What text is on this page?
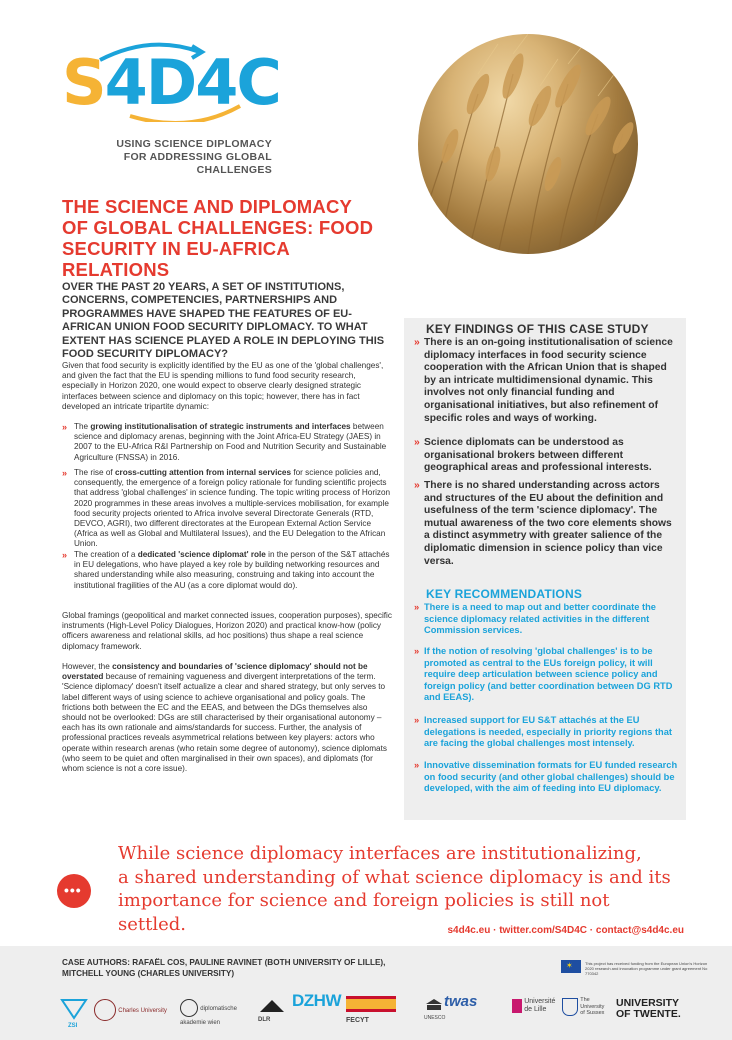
S4D4C
USING SCIENCE DIPLOMACY
FOR ADDRESSING GLOBAL CHALLENGES
THE SCIENCE AND DIPLOMACY
OF GLOBAL CHALLENGES: FOOD
SECURITY IN EU-AFRICA RELATIONS
OVER THE PAST 20 YEARS, A SET OF INSTITUTIONS, CONCERNS, COMPETENCIES, PARTNERSHIPS AND PROGRAMMES HAVE SHAPED THE FEATURES OF EU-AFRICAN UNION FOOD SECURITY DIPLOMACY. TO WHAT EXTENT HAS SCIENCE PLAYED A ROLE IN DEPLOYING THIS FOOD SECURITY DIPLOMACY?
Given that food security is explicitly identified by the EU as one of the 'global challenges', and given the fact that the EU is spending millions to fund food security research, especially in Horizon 2020, one would expect to observe clearly designed strategic interfaces between science and diplomacy on this topic; however, there has in fact developed an intricate tripartite dynamic:
» The growing institutionalisation of strategic instruments and interfaces between science and diplomacy arenas, beginning with the Joint Africa-EU Strategy (JAES) in 2007 to the EU-Africa R&I Partnership on Food and Nutrition Security and Sustainable Agriculture (FNSSA) in 2016.
» The rise of cross-cutting attention from internal services for science policies and, consequently, the emergence of a foreign policy rationale for funding scientific projects that address 'global challenges' in science funding. The topic writing process of Horizon 2020 programmes in these areas involves a multiple-services mobilisation, for example food security projects oriented to Africa involve several Directorate Generals (RTD, DEVCO, AGRI), two different directorates at the European External Action Service (Africa as well as Global and Multilateral Issues), and the EU Delegation to the African Union.
» The creation of a dedicated 'science diplomat' role in the person of the S&T attachés in EU delegations, who have played a key role by building networking resources and shared understanding while also measuring, construing and taking into account the institutional fragilities of the AU (as a core diplomat would do).
Global framings (geopolitical and market connected issues, cooperation purposes), specific instruments (High-Level Policy Dialogues, Horizon 2020) and practical know-how (policy officers awareness and relational skills, ad hoc positions) thus shape a real science diplomacy framework.
However, the consistency and boundaries of 'science diplomacy' should not be overstated because of remaining vagueness and divergent interpretations of the term. 'Science diplomacy' doesn't itself actualize a clear and shared strategy, but only serves to label different ways of using science to achieve organisational and policy goals. The frictions both between the EC and the EEAS, and between the DGs themselves also should not be overlooked: DGs are still characterised by their organisational autonomy – each has its own rationale and aims/standards for success. Further, the analysis of professional practices reveals asymmetrical relations between key players: actors who operate within research arenas (who retain some degree of autonomy), science diplomats (who seem to be quiet and often marginalised in their own spaces), and diplomats (for whom science is not a core issue).
KEY FINDINGS OF THIS CASE STUDY
» There is an on-going institutionalisation of science diplomacy interfaces in food security science cooperation with the African Union that is shaped by an intricate multidimensional dynamic. This involves not only financial funding and organisational initiatives, but also refinement of specific roles and ways of working.
» Science diplomats can be understood as organisational brokers between different geographical areas and professional interests.
» There is no shared understanding across actors and structures of the EU about the definition and usefulness of the term 'science diplomacy'. The mutual awareness of the two core elements shows a distinct asymmetry with greater salience of the diplomatic dimension in science policy than vice versa.
KEY RECOMMENDATIONS
» There is a need to map out and better coordinate the science diplomacy related activities in the different Commission services.
» If the notion of resolving 'global challenges' is to be promoted as central to the EUs foreign policy, it will require deep articulation between science policy and foreign policy (and better coordination between DG RTD and EEAS).
» Increased support for EU S&T attachés at the EU delegations is needed, especially in priority regions that are facing the global challenges most intensely.
» Innovative dissemination formats for EU funded research on food security (and other global challenges) should be developed, with the aim of feeding into EU diplomacy.
•••
While science diplomacy interfaces are institutionalizing,
a shared understanding of what science diplomacy is and its
importance for science and foreign policies is still not settled.	s4d4c.eu · twitter.com/S4D4C · contact@s4d4c.eu
CASE AUTHORS: RAFAËL COS, PAULINE RAVINET (BOTH UNIVERSITY OF LILLE),
MITCHELL YOUNG (CHARLES UNIVERSITY)
✶	This project has received funding from the European Union's Horizon 2020 research and innovation programme under grant agreement No 770342
ZSI
Charles University	diplomatische akademie wien	DLR
DZHW
FECYT	UNESCO
twas	Université
de Lille
The
University
of Sussex
UNIVERSITY
OF TWENTE.
